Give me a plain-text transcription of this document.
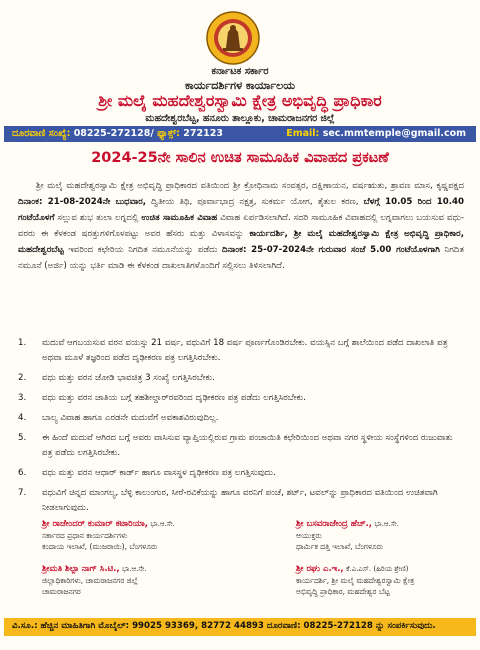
ಕರ್ನಾಟಕ ಸರ್ಕಾರ
ಕಾರ್ಯದರ್ಶಿಗಳ ಕಾರ್ಯಾಲಯ
ಶ್ರೀ ಮಲೈ ಮಹದೇಶ್ವರಸ್ವಾಮಿ ಕ್ಷೇತ್ರ ಅಭಿವೃದ್ಧಿ ಪ್ರಾಧಿಕಾರ
ಮಹದೇಶ್ವರಬೆಟ್ಟ, ಹನೂರು ತಾಲ್ಲೂಕು, ಚಾಮರಾಜನಗರ ಜಿಲ್ಲೆ
ದೂರವಾಣಿ ಸಂಖ್ಯೆ: 08225-272128/ ಫ್ಯಾಕ್ಸ್: 272123	Email: sec.mmtemple@gmail.com
2024-25ನೇ ಸಾಲಿನ ಉಚಿತ ಸಾಮೂಹಿಕ ವಿವಾಹದ ಪ್ರಕಟಣೆ

ಶ್ರೀ ಮಲೈ ಮಹದೇಶ್ವರಸ್ವಾಮಿ ಕ್ಷೇತ್ರ ಅಭಿವೃದ್ಧಿ ಪ್ರಾಧಿಕಾರದ ವತಿಯಿಂದ ಶ್ರೀ ಕ್ರೋಧಿನಾಮ ಸಂವತ್ಸರ, ದಕ್ಷಿಣಾಯನ, ವರ್ಷಋತು, ಶ್ರಾವಣ ಮಾಸ, ಕೃಷ್ಣಪಕ್ಷದ ದಿನಾಂಕ: 21-08-2024ನೇ ಬುಧವಾರ, ದ್ವಿತೀಯ ತಿಥಿ, ಪೂರ್ವಾಭಾದ್ರ ನಕ್ಷತ್ರ, ಸುಕರ್ಮ ಯೋಗ, ತೈತುಲ ಕರಣ, ಬೆಳಗ್ಗೆ 10.05 ರಿಂದ 10.40 ಗಂಟೆಯೊಳಗೆ ಸಲ್ಲುವ ಶುಭ ತುಲಾ ಲಗ್ನದಲ್ಲಿ ಉಚಿತ ಸಾಮೂಹಿಕ ವಿವಾಹ ವಿವಾಹ ಏರ್ಪಡಿಸಲಾಗಿದೆ. ಸದರಿ ಸಾಮೂಹಿಕ ವಿವಾಹದಲ್ಲಿ ಲಗ್ನವಾಗಲು ಬಯಸುವ ವಧು-ವರರು ಈ ಕೆಳಕಂಡ ಷರತ್ತುಗಳಿಗೊಳಪಟ್ಟು ಅವರ ಹೆಸರು ಮತ್ತು ವಿಳಾಸವನ್ನು ಕಾರ್ಯದರ್ಶಿ, ಶ್ರೀ ಮಲೈ ಮಹದೇಶ್ವರಸ್ವಾಮಿ ಕ್ಷೇತ್ರ ಅಭಿವೃದ್ಧಿ ಪ್ರಾಧಿಕಾರ, ಮಹದೇಶ್ವರಬೆಟ್ಟ ಇವರಿಂದ ಕಛೇರಿಯ ನಿಗದಿತ ನಮೂನೆಯನ್ನು ಪಡೆದು ದಿನಾಂಕ: 25-07-2024ನೇ ಗುರುವಾರ ಸಂಜೆ 5.00 ಗಂಟೆಯೊಳಗಾಗಿ ನಿಗದಿತ ನಮೂನೆ (ಅರ್ಜಿ) ಯನ್ನು ಭರ್ತಿ ಮಾಡಿ ಈ ಕೆಳಕಂಡ ದಾಖಲಾತಿಗಳೊಂದಿಗೆ ಸಲ್ಲಿಸಲು ತಿಳಿಸಲಾಗಿದೆ.

1. ಮದುವೆ ಆಗಬಯಸುವ ವರನ ವಯಸ್ಸು 21 ವರ್ಷ, ವಧುವಿಗೆ 18 ವರ್ಷ ಪೂರ್ಣಗೊಂಡಿರಬೇಕು. ವಯಸ್ಸಿನ ಬಗ್ಗೆ ಶಾಲೆಯಿಂದ ಪಡೆದ ದಾಖಲಾತಿ ಪತ್ರ ಅಥವಾ ಮೂಳೆ ತಜ್ಞರಿಂದ ಪಡೆದ ದೃಢೀಕರಣ ಪತ್ರ ಲಗತ್ತಿಸಿರಬೇಕು.
2. ವಧು ಮತ್ತು ವರನ ಜೋಡಿ ಭಾವಚಿತ್ರ 3 ಸಂಖ್ಯೆ ಲಗತ್ತಿಸಿರಬೇಕು.
3. ವಧು ಮತ್ತು ವರನ ಜಾತಿಯ ಬಗ್ಗೆ ತಹಶೀಲ್ದಾರ್‌ರವರಿಂದ ದೃಢೀಕರಣ ಪತ್ರ ಪಡೆದು ಲಗತ್ತಿಸಿರಬೇಕು.
4. ಬಾಲ್ಯ ವಿವಾಹ ಹಾಗೂ ಎರಡನೇ ಮದುವೆಗೆ ಅವಕಾಶವಿರುವುದಿಲ್ಲ.
5. ಈ ಹಿಂದೆ ಮದುವೆ ಆಗಿರದ ಬಗ್ಗೆ ಅವರು ವಾಸಿಸುವ ವ್ಯಾಪ್ತಿಯಲ್ಲಿರುವ ಗ್ರಾಮ ಪಂಚಾಯಿತಿ ಕಛೇರಿಯಿಂದ ಅಥವಾ ನಗರ ಸ್ಥಳೀಯ ಸಂಸ್ಥೆಗಳಿಂದ ರುಜುವಾತು ಪತ್ರ ಪಡೆದು ಲಗತ್ತಿಸಿರಬೇಕು.
6. ವಧು ಮತ್ತು ವರನ ಆಧಾರ್ ಕಾರ್ಡ್ ಹಾಗೂ ವಾಸಸ್ಥಳ ದೃಢೀಕರಣ ಪತ್ರ ಲಗತ್ತಿಸುವುದು.
7. ವಧುವಿಗೆ ಚಿನ್ನದ ಮಾಂಗಲ್ಯ, ಬೆಳ್ಳಿ ಕಾಲುಂಗುರ, ಸೀರೆ-ರವಿಕೆಯನ್ನು ಹಾಗೂ ವರನಿಗೆ ಪಂಚೆ, ಶರ್ಟ್, ಟವಲ್‌ನ್ನು ಪ್ರಾಧಿಕಾರದ ವತಿಯಿಂದ ಉಚಿತವಾಗಿ ನೀಡಲಾಗುವುದು.
ಶ್ರೀ ರಾಜೇಂದರ್ ಕುಮಾರ್ ಕಟಾರಿಯಾ, ಭಾ.ಆ.ಸೇ.
ಸರ್ಕಾರದ ಪ್ರಧಾನ ಕಾರ್ಯದರ್ಶಿಗಳು
ಕಂದಾಯ ಇಲಾಖೆ, (ಮುಜರಾಯಿ), ಬೆಂಗಳೂರು
ಶ್ರೀ ಬಸವರಾಜೇಂದ್ರ ಹೆಚ್., ಭಾ.ಆ.ಸೇ.
ಆಯುಕ್ತರು
ಧಾರ್ಮಿಕ ದತ್ತಿ ಇಲಾಖೆ, ಬೆಂಗಳೂರು
ಶ್ರೀಮತಿ ಶಿಲ್ಪಾ ನಾಗ್ ಸಿ.ಟಿ., ಭಾ.ಆ.ಸೇ.
ಜಿಲ್ಲಾಧಿಕಾರಿಗಳು, ಚಾಮರಾಜನಗರ ಜಿಲ್ಲೆ
ಚಾಮರಾಜನಗರ
ಶ್ರೀ ರಘು ಎ.ಇ., ಕೆ.ಎ.ಎಸ್. (ಹಿರಿಯ ಶ್ರೇಣಿ)
ಕಾರ್ಯದರ್ಶಿ, ಶ್ರೀ ಮಲೈ ಮಹದೇಶ್ವರಸ್ವಾಮಿ ಕ್ಷೇತ್ರ
ಅಭಿವೃದ್ಧಿ ಪ್ರಾಧಿಕಾರ, ಮಹದೇಶ್ವರ ಬೆಟ್ಟ
ವಿ.ಸೂ.: ಹೆಚ್ಚಿನ ಮಾಹಿತಿಗಾಗಿ ಮೊಬೈಲ್: 99025 93369, 82772 44893 ದೂರವಾಣಿ: 08225-272128 ನ್ನು ಸಂಪರ್ಕಿಸುವುದು.
